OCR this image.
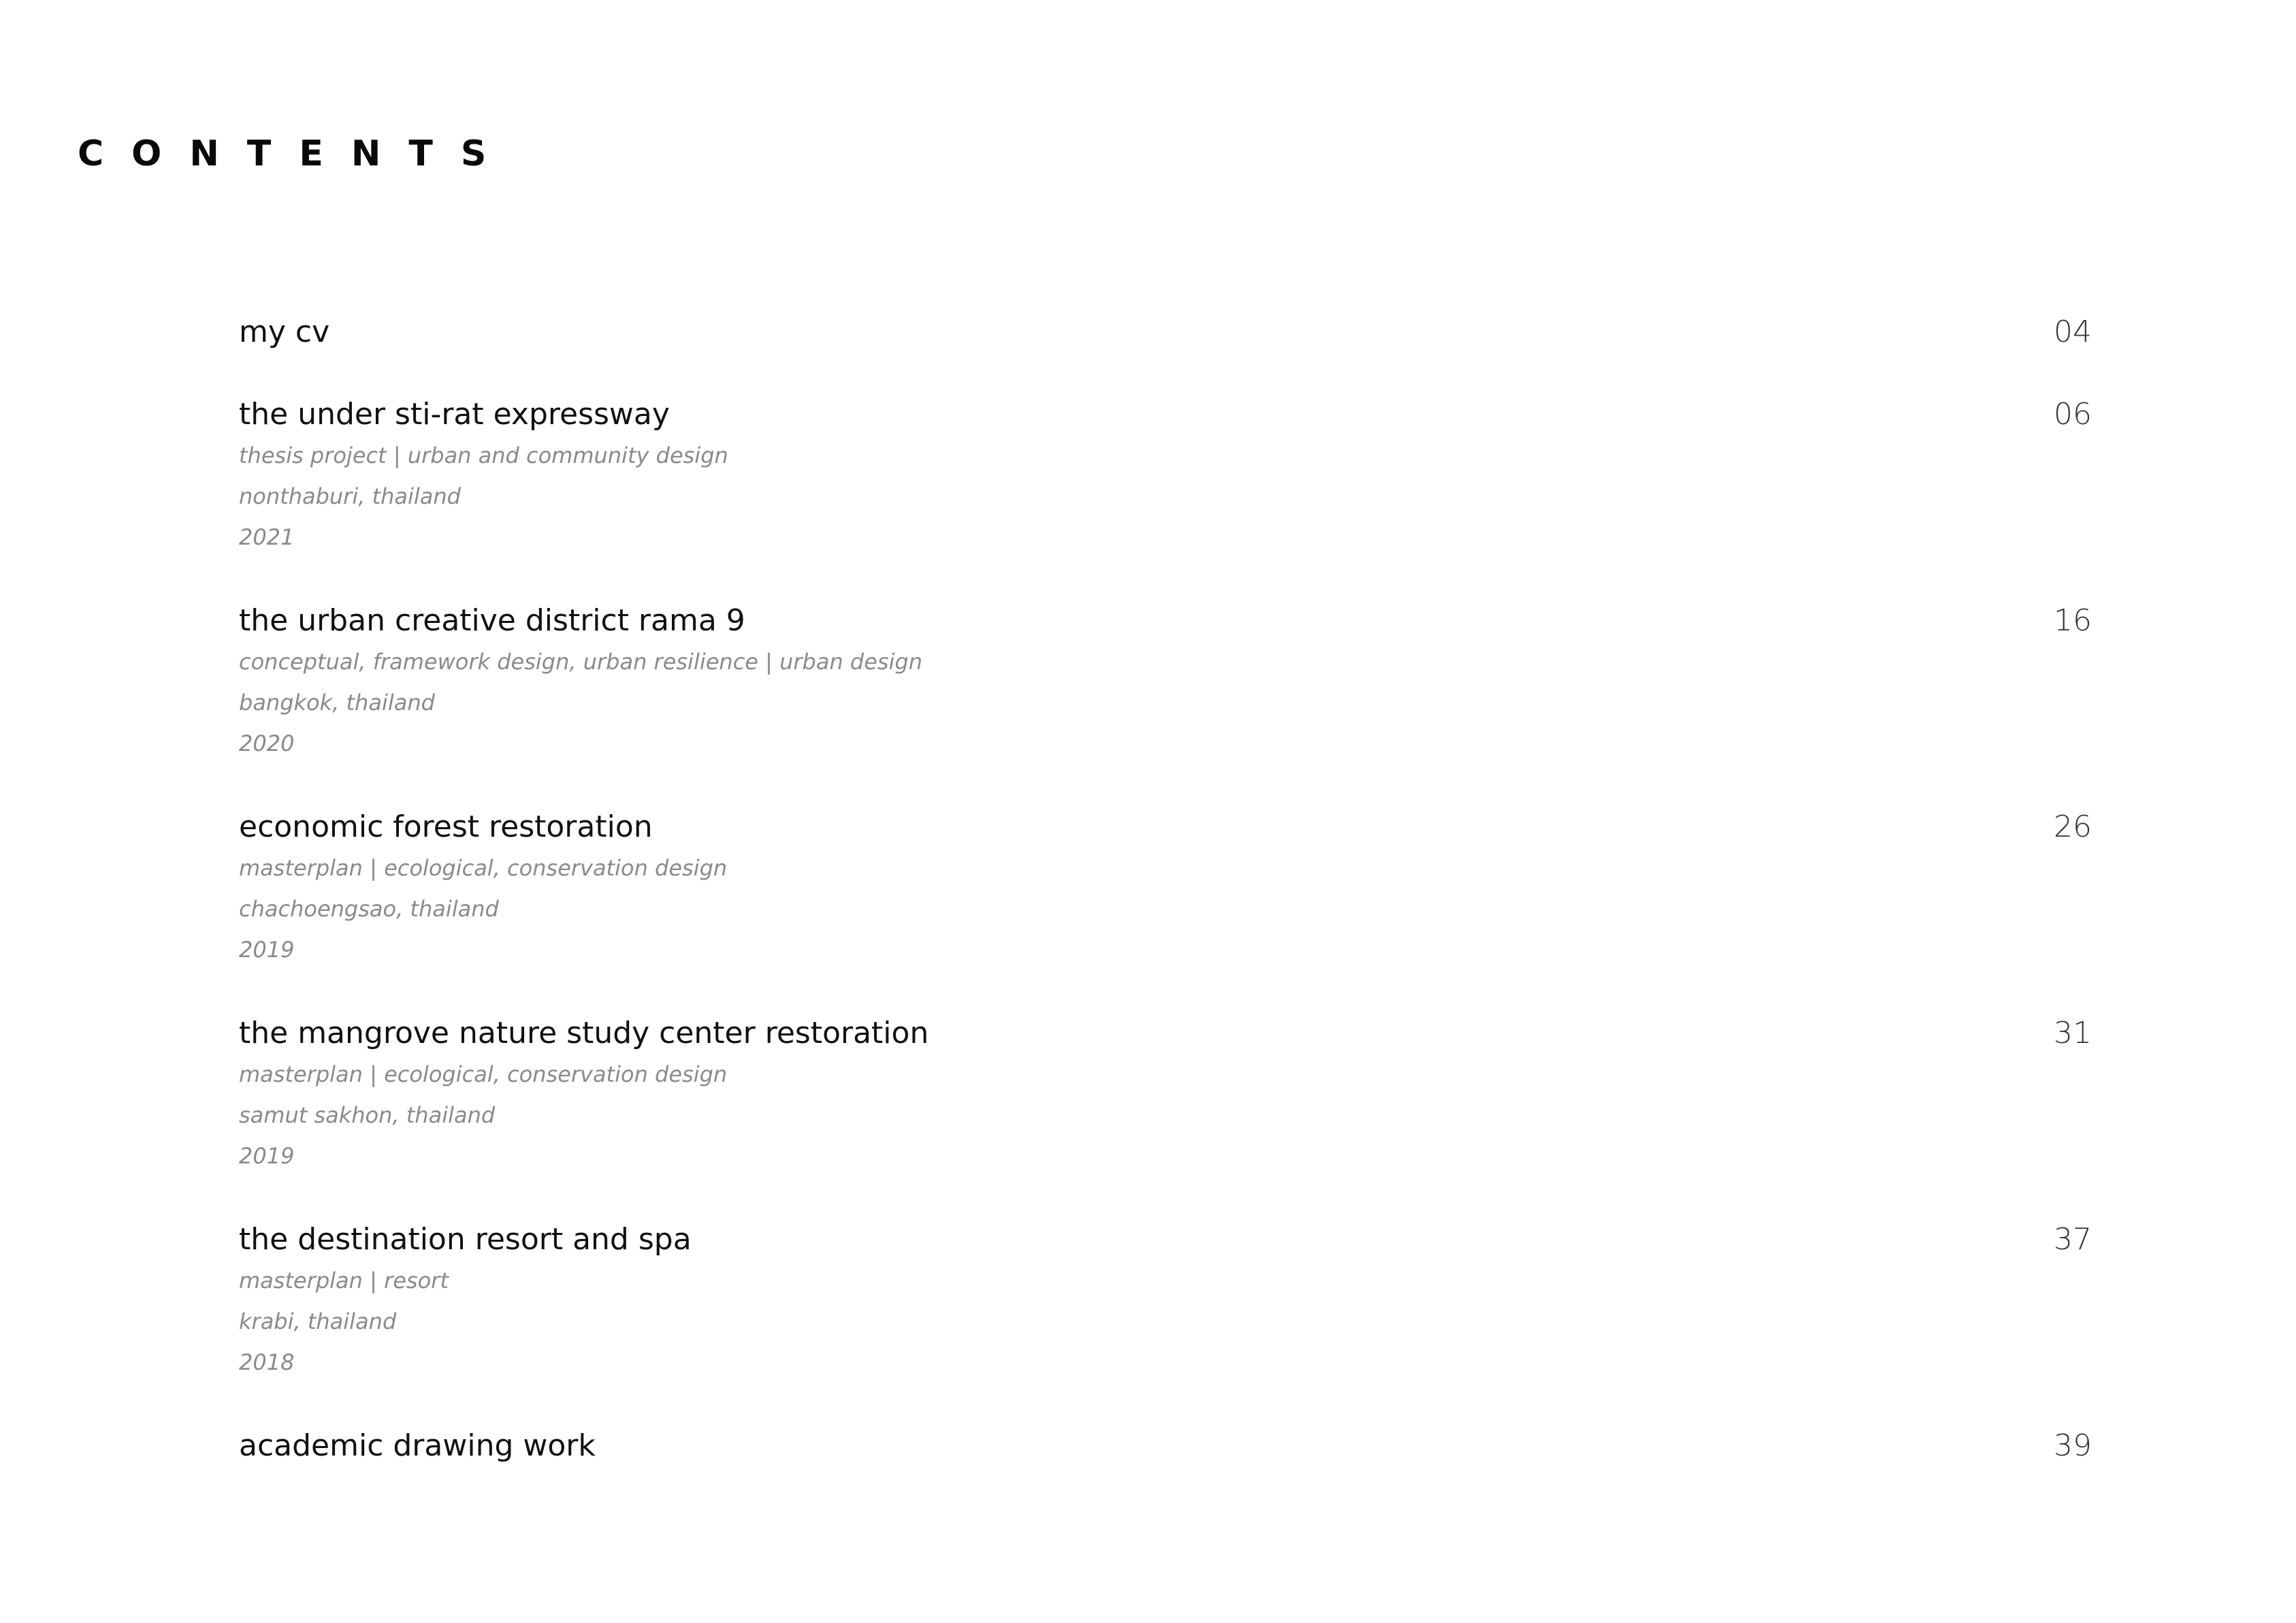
CONTENTS
my cv	04
the under sti-rat expressway	06
thesis project | urban and community design
nonthaburi, thailand
2021
the urban creative district rama 9	16
conceptual, framework design, urban resilience | urban design
bangkok, thailand
2020
economic forest restoration	26
masterplan | ecological, conservation design
chachoengsao, thailand
2019
the mangrove nature study center restoration	31
masterplan | ecological, conservation design
samut sakhon, thailand
2019
the destination resort and spa	37
masterplan | resort
krabi, thailand
2018
academic drawing work	39
